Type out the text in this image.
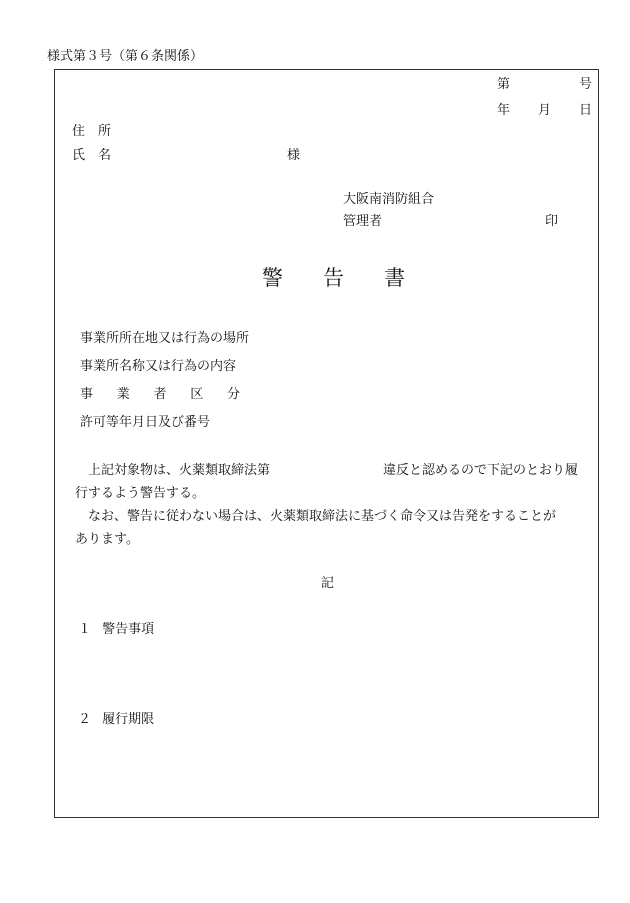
様式第３号（第６条関係）
第	号
年 月 日
住　所
氏　名	様
大阪南消防組合
管理者	印
警 告 書
事業所所在地又は行為の場所
事業所名称又は行為の内容
事 業 者 区 分
許可等年月日及び番号
　上記対象物は、火薬類取締法第	違反と認めるので下記のとおり履
行するよう警告する。
　なお、警告に従わない場合は、火薬類取締法に基づく命令又は告発をすることが
あります。
記
１ 警告事項
２ 履行期限
